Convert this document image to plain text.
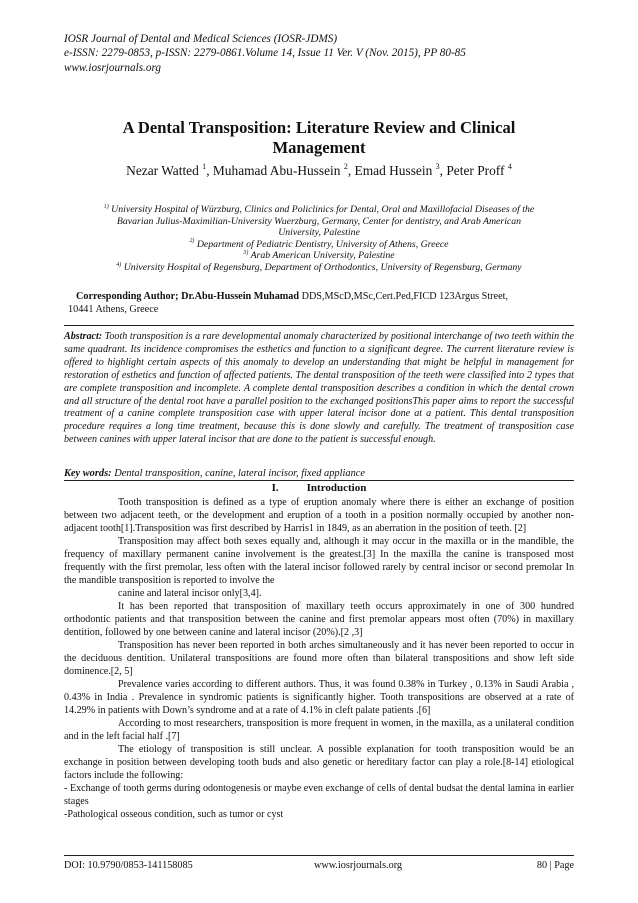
IOSR Journal of Dental and Medical Sciences (IOSR-JDMS)
e-ISSN: 2279-0853, p-ISSN: 2279-0861.Volume 14, Issue 11 Ver. V (Nov. 2015), PP 80-85
www.iosrjournals.org
A Dental Transposition: Literature Review and Clinical
Management
Nezar Watted $^1$, Muhamad Abu-Hussein $^2$, Emad Hussein $^3$, Peter Proff $^4$
$^{1)}$ University Hospital of Würzburg, Clinics and Policlinics for Dental, Oral and Maxillofacial Diseases of the
Bavarian Julius-Maximilian-University Wuerzburg, Germany, Center for dentistry, and Arab American
University, Palestine
$^{2)}$ Department of Pediatric Dentistry, University of Athens, Greece
$^{3)}$ Arab American University, Palestine
$^{4)}$ University Hospital of Regensburg, Department of Orthodontics, University of Regensburg, Germany
Corresponding Author; Dr.Abu-Hussein Muhamad DDS,MScD,MSc,Cert.Ped,FICD 123Argus Street,
10441 Athens, Greece
Abstract: Tooth transposition is a rare developmental anomaly characterized by positional interchange of two teeth within the same quadrant. Its incidence compromises the esthetics and function to a significant degree. The current literature review is offered to highlight certain aspects of this anomaly to develop an understanding that might be helpful in management for restoration of esthetics and function of affected patients. The dental transposition of the teeth were classified into 2 types that are complete transposition and incomplete. A complete dental transposition describes a condition in which the dental crown and all structure of the dental root have a parallel position to the exchanged positionsThis paper aims to report the successful treatment of a canine complete transposition case with upper lateral incisor done at a patient. This dental transposition procedure requires a long time treatment, because this is done slowly and carefully. The treatment of transposition case between canines with upper lateral incisor that are done to the patient is successful enough.
Key words: Dental transposition, canine, lateral incisor, fixed appliance
I.	Introduction

Tooth transposition is defined as a type of eruption anomaly where there is either an exchange of position between two adjacent teeth, or the development and eruption of a tooth in a position normally occupied by another non-adjacent tooth[1].Transposition was first described by Harris1 in 1849, as an aberration in the position of teeth. [2]

Transposition may affect both sexes equally and, although it may occur in the maxilla or in the mandible, the frequency of maxillary permanent canine involvement is the greatest.[3] In the maxilla the canine is transposed most frequently with the first premolar, less often with the lateral incisor followed rarely by central incisor or second premolar In the mandible transposition is reported to involve the

canine and lateral incisor only[3,4].

It has been reported that transposition of maxillary teeth occurs approximately in one of 300 hundred orthodontic patients and that transposition between the canine and first premolar appears most often (70%) in maxillary dentition, followed by one between canine and lateral incisor (20%).[2 ,3]

Transposition has never been reported in both arches simultaneously and it has never been reported to occur in the deciduous dentition. Unilateral transpositions are found more often than bilateral transpositions and show left side dominence.[2, 5]

Prevalence varies according to different authors. Thus, it was found 0.38% in Turkey , 0.13% in Saudi Arabia , 0.43% in India . Prevalence in syndromic patients is significantly higher. Tooth transpositions are observed at a rate of 14.29% in patients with Down’s syndrome and at a rate of 4.1% in cleft palate patients .[6]

According to most researchers, transposition is more frequent in women, in the maxilla, as a unilateral condition and in the left facial half .[7]

The etiology of transposition is still unclear. A possible explanation for tooth transposition would be an exchange in position between developing tooth buds and also genetic or hereditary factor can play a role.[8-14] etiological factors include the following:

- Exchange of tooth germs during odontogenesis or maybe even exchange of cells of dental budsat the dental lamina in earlier stages

-Pathological osseous condition, such as tumor or cyst

DOI: 10.9790/0853-141158085	www.iosrjournals.org	80 | Page
